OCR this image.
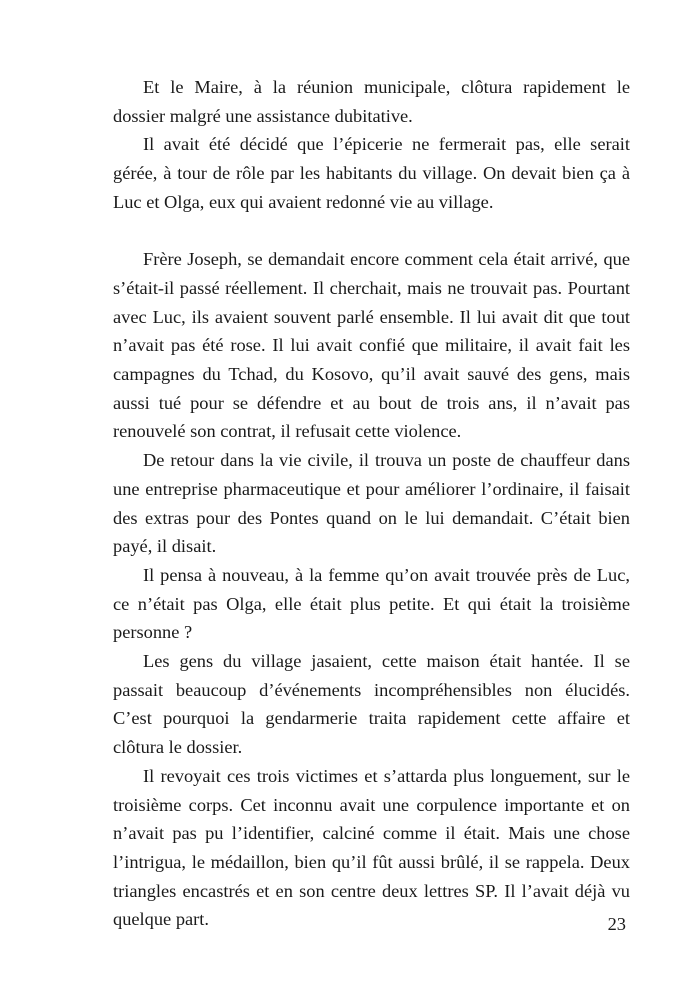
Et le Maire, à la réunion municipale, clôtura rapidement le dossier malgré une assistance dubitative.

Il avait été décidé que l’épicerie ne fermerait pas, elle serait gérée, à tour de rôle par les habitants du village. On devait bien ça à Luc et Olga, eux qui avaient redonné vie au village.

Frère Joseph, se demandait encore comment cela était arrivé, que s’était-il passé réellement. Il cherchait, mais ne trouvait pas. Pourtant avec Luc, ils avaient souvent parlé ensemble. Il lui avait dit que tout n’avait pas été rose. Il lui avait confié que militaire, il avait fait les campagnes du Tchad, du Kosovo, qu’il avait sauvé des gens, mais aussi tué pour se défendre et au bout de trois ans, il n’avait pas renouvelé son contrat, il refusait cette violence.

De retour dans la vie civile, il trouva un poste de chauffeur dans une entreprise pharmaceutique et pour améliorer l’ordinaire, il faisait des extras pour des Pontes quand on le lui demandait. C’était bien payé, il disait.

Il pensa à nouveau, à la femme qu’on avait trouvée près de Luc, ce n’était pas Olga, elle était plus petite. Et qui était la troisième personne ?

Les gens du village jasaient, cette maison était hantée. Il se passait beaucoup d’événements incompréhensibles non élucidés. C’est pourquoi la gendarmerie traita rapidement cette affaire et clôtura le dossier.

Il revoyait ces trois victimes et s’attarda plus longuement, sur le troisième corps. Cet inconnu avait une corpulence importante et on n’avait pas pu l’identifier, calciné comme il était. Mais une chose l’intrigua, le médaillon, bien qu’il fût aussi brûlé, il se rappela. Deux triangles encastrés et en son centre deux lettres SP. Il l’avait déjà vu quelque part.	23
